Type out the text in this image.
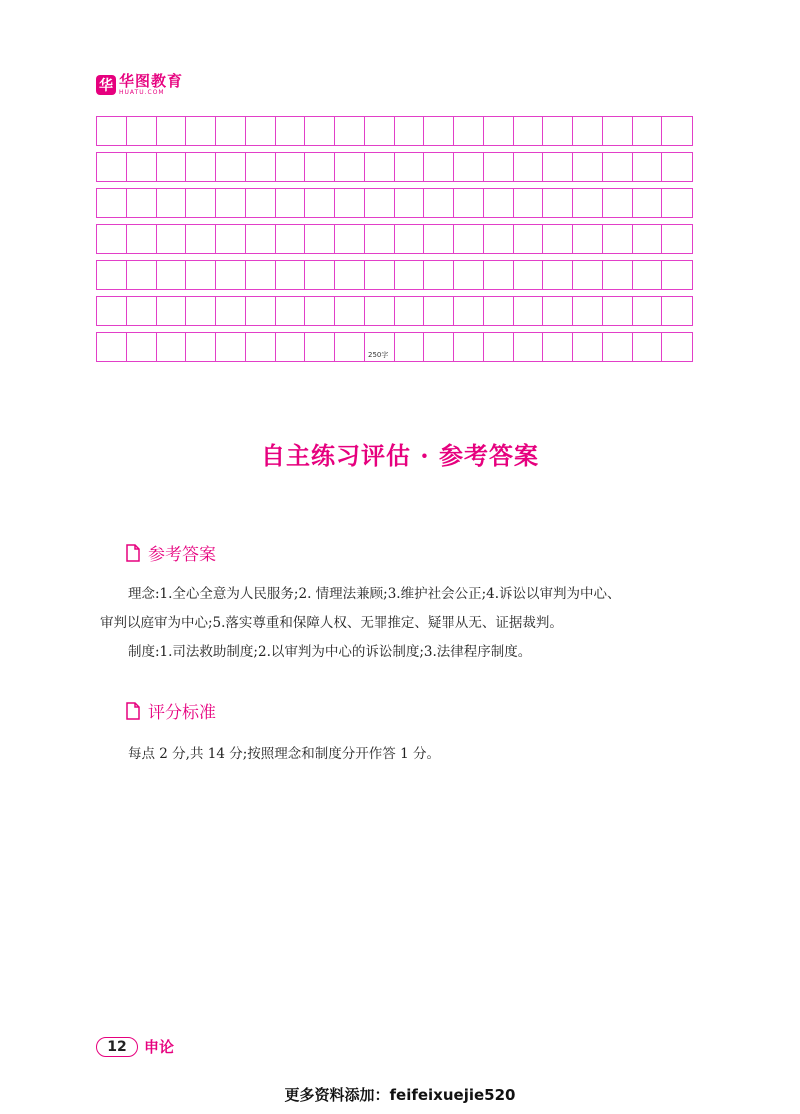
华 华图教育
HUATU.COM
250字
自主练习评估 · 参考答案
参考答案
理念:1.全心全意为人民服务;2. 情理法兼顾;3.维护社会公正;4.诉讼以审判为中心、
审判以庭审为中心;5.落实尊重和保障人权、无罪推定、疑罪从无、证据裁判。
制度:1.司法救助制度;2.以审判为中心的诉讼制度;3.法律程序制度。
评分标准
每点 2 分,共 14 分;按照理念和制度分开作答 1 分。
12	申论
更多资料添加：feifeixuejie520
